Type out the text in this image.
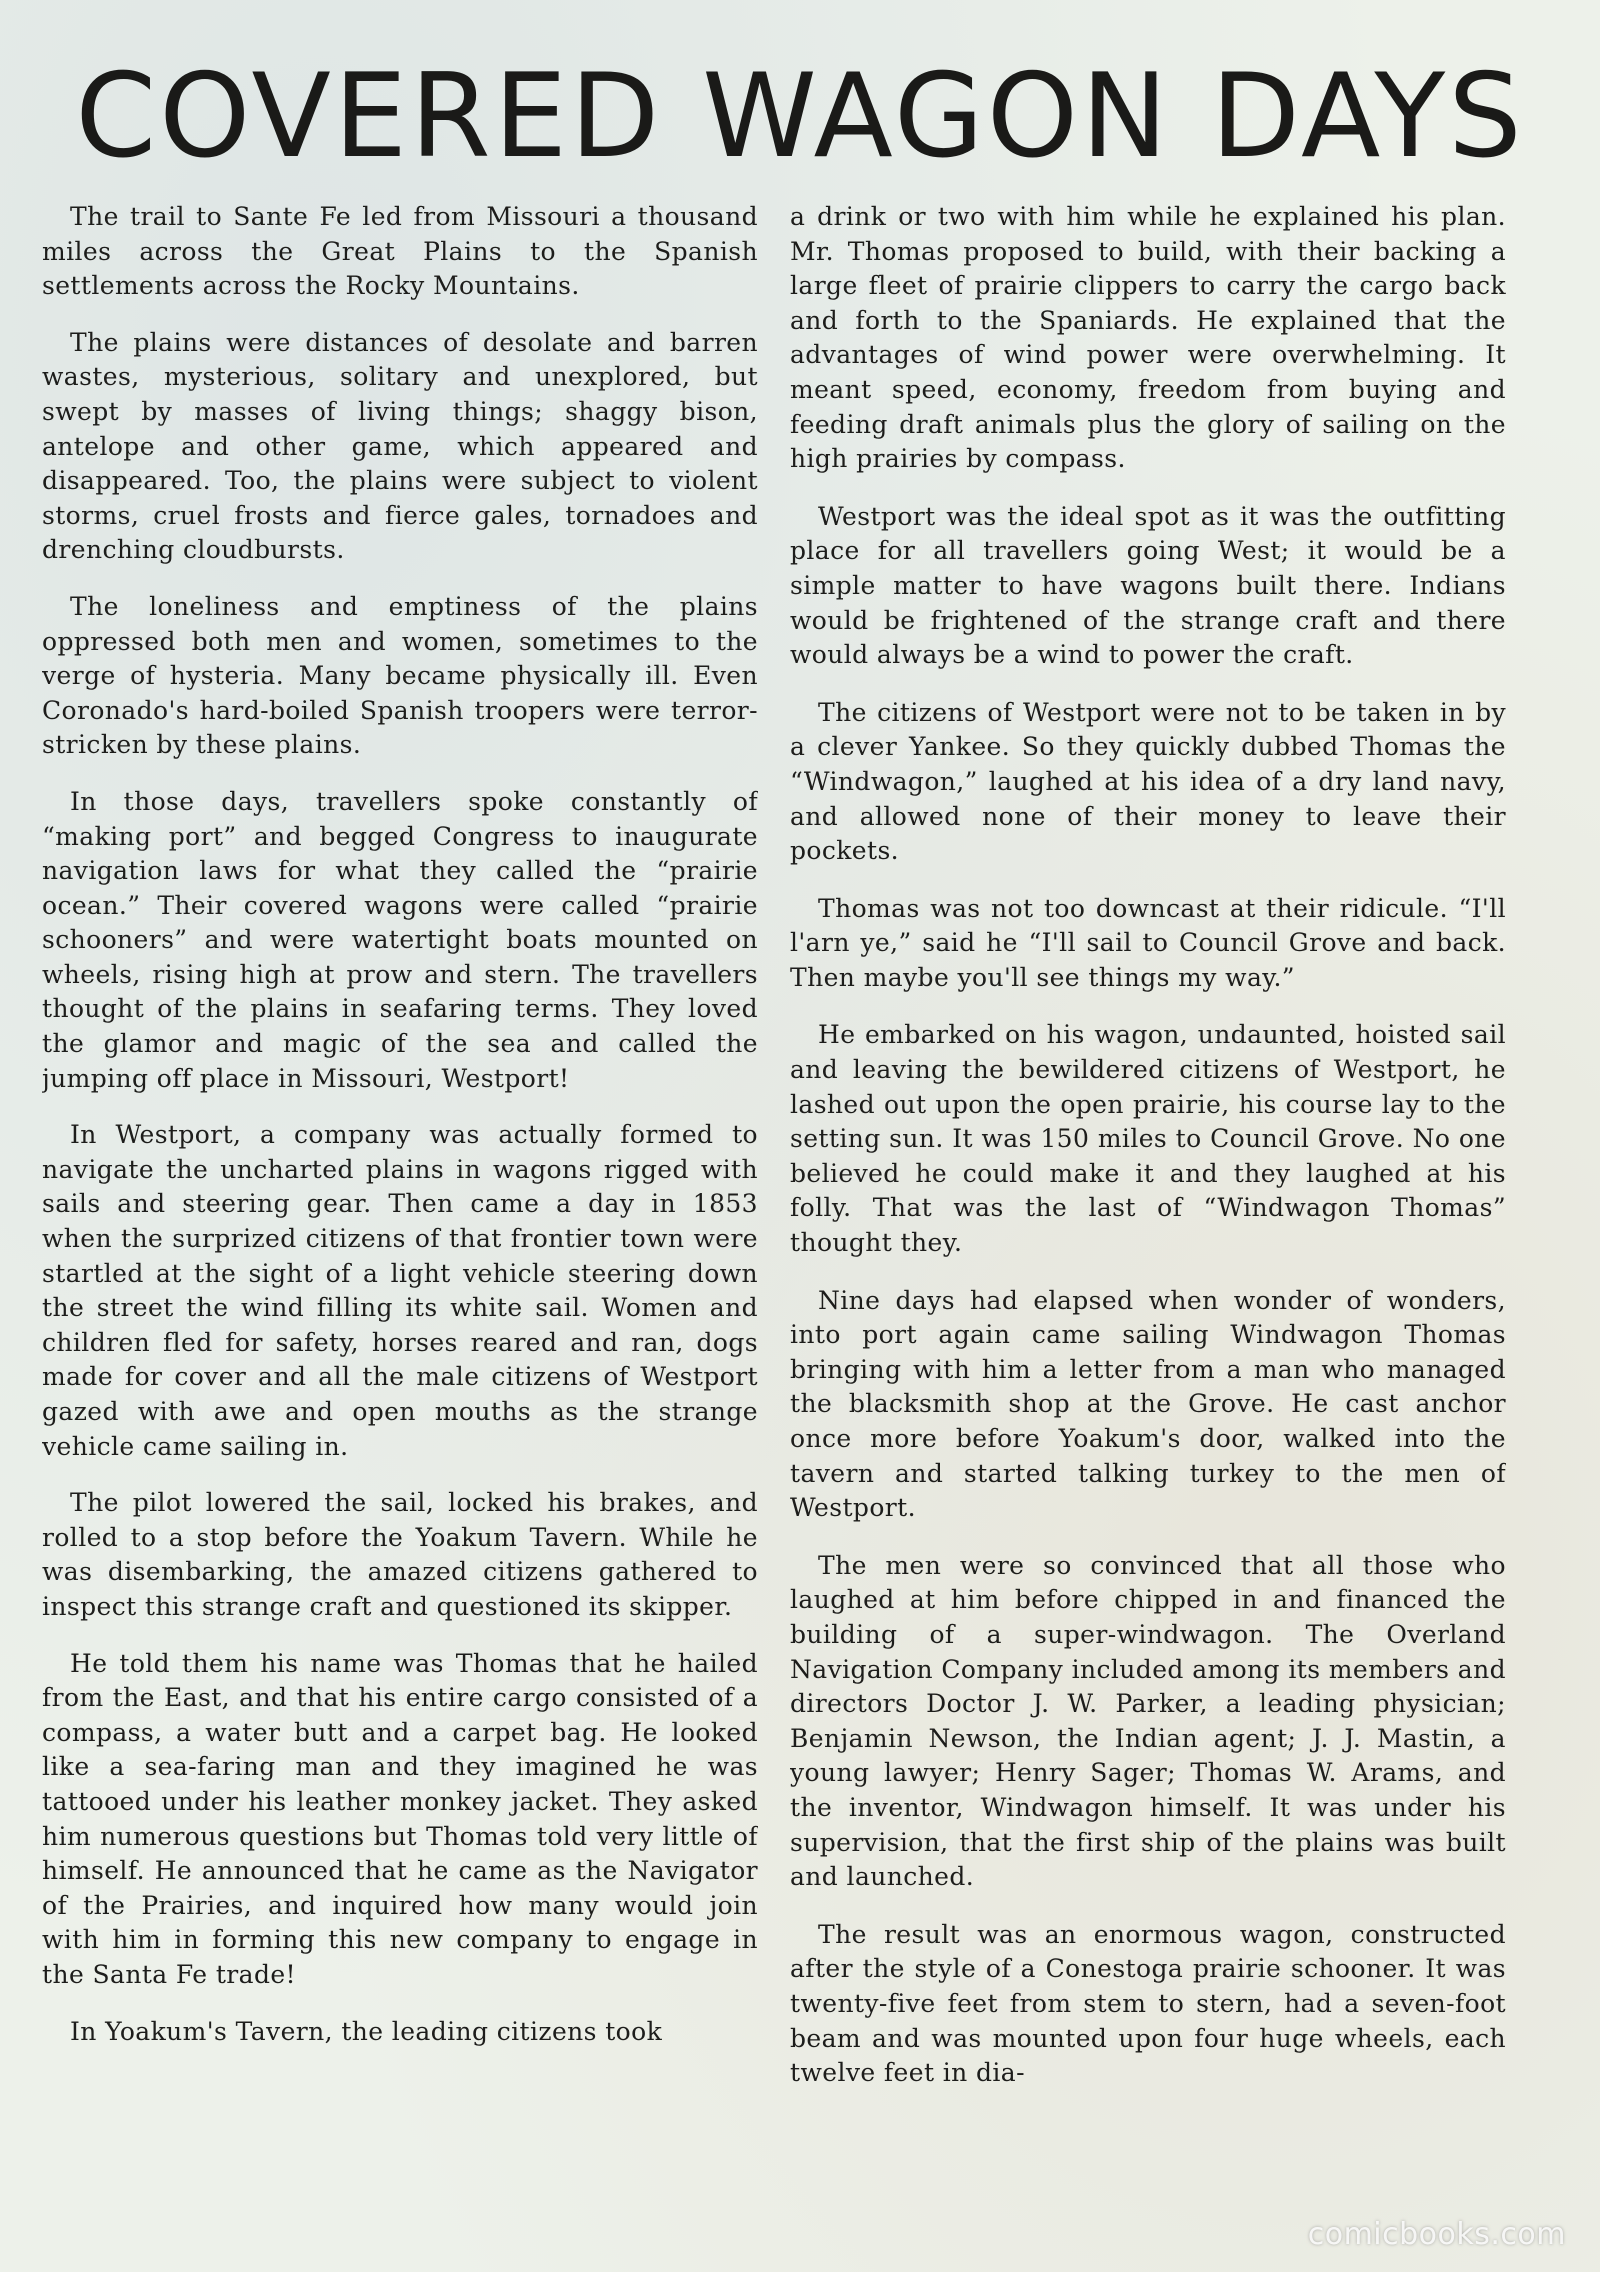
COVERED WAGON DAYS

The trail to Sante Fe led from Missouri a thousand miles across the Great Plains to the Spanish settlements across the Rocky Mountains.

The plains were distances of desolate and barren wastes, mysterious, solitary and unexplored, but swept by masses of living things; shaggy bison, antelope and other game, which appeared and disappeared. Too, the plains were subject to violent storms, cruel frosts and fierce gales, tornadoes and drenching cloudbursts.

The loneliness and emptiness of the plains oppressed both men and women, sometimes to the verge of hysteria. Many became physically ill. Even Coronado's hard-boiled Spanish troopers were terror-stricken by these plains.

In those days, travellers spoke constantly of “making port” and begged Congress to inaugurate navigation laws for what they called the “prairie ocean.” Their covered wagons were called “prairie schooners” and were watertight boats mounted on wheels, rising high at prow and stern. The travellers thought of the plains in seafaring terms. They loved the glamor and magic of the sea and called the jumping off place in Missouri, Westport!

In Westport, a company was actually formed to navigate the uncharted plains in wagons rigged with sails and steering gear. Then came a day in 1853 when the surprized citizens of that frontier town were startled at the sight of a light vehicle steering down the street the wind filling its white sail. Women and children fled for safety, horses reared and ran, dogs made for cover and all the male citizens of Westport gazed with awe and open mouths as the strange vehicle came sailing in.

The pilot lowered the sail, locked his brakes, and rolled to a stop before the Yoakum Tavern. While he was disembarking, the amazed citizens gathered to inspect this strange craft and questioned its skipper.

He told them his name was Thomas that he hailed from the East, and that his entire cargo consisted of a compass, a water butt and a carpet bag. He looked like a sea-faring man and they imagined he was tattooed under his leather monkey jacket. They asked him numerous questions but Thomas told very little of himself. He announced that he came as the Navigator of the Prairies, and inquired how many would join with him in forming this new company to engage in the Santa Fe trade!

In Yoakum's Tavern, the leading citizens took

a drink or two with him while he explained his plan. Mr. Thomas proposed to build, with their backing a large fleet of prairie clippers to carry the cargo back and forth to the Spaniards. He explained that the advantages of wind power were overwhelming. It meant speed, economy, freedom from buying and feeding draft animals plus the glory of sailing on the high prairies by compass.

Westport was the ideal spot as it was the outfitting place for all travellers going West; it would be a simple matter to have wagons built there. Indians would be frightened of the strange craft and there would always be a wind to power the craft.

The citizens of Westport were not to be taken in by a clever Yankee. So they quickly dubbed Thomas the “Windwagon,” laughed at his idea of a dry land navy, and allowed none of their money to leave their pockets.

Thomas was not too downcast at their ridicule. “I'll l'arn ye,” said he “I'll sail to Council Grove and back. Then maybe you'll see things my way.”

He embarked on his wagon, undaunted, hoisted sail and leaving the bewildered citizens of Westport, he lashed out upon the open prairie, his course lay to the setting sun. It was 150 miles to Council Grove. No one believed he could make it and they laughed at his folly. That was the last of “Windwagon Thomas” thought they.

Nine days had elapsed when wonder of wonders, into port again came sailing Windwagon Thomas bringing with him a letter from a man who managed the blacksmith shop at the Grove. He cast anchor once more before Yoakum's door, walked into the tavern and started talking turkey to the men of Westport.

The men were so convinced that all those who laughed at him before chipped in and financed the building of a super-windwagon. The Overland Navigation Company included among its members and directors Doctor J. W. Parker, a leading physician; Benjamin Newson, the Indian agent; J. J. Mastin, a young lawyer; Henry Sager; Thomas W. Arams, and the inventor, Windwagon himself. It was under his supervision, that the first ship of the plains was built and launched.

The result was an enormous wagon, constructed after the style of a Conestoga prairie schooner. It was twenty-five feet from stem to stern, had a seven-foot beam and was mounted upon four huge wheels, each twelve feet in dia-

comicbooks.com
